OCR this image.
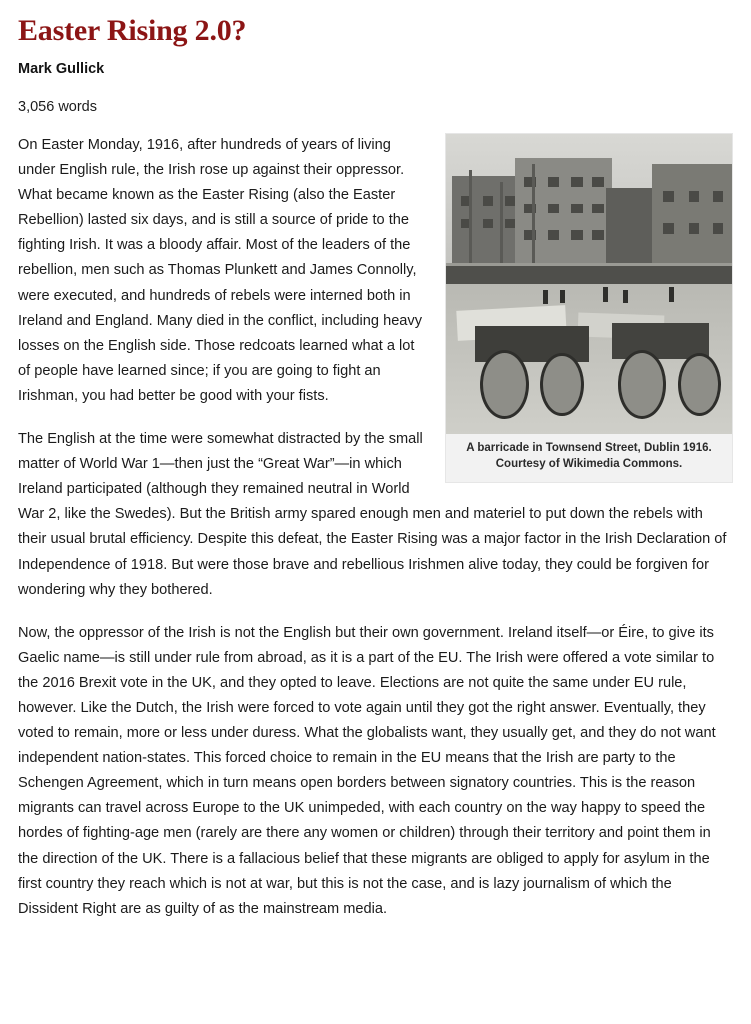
Easter Rising 2.0?
Mark Gullick
3,056 words
A barricade in Townsend Street, Dublin 1916. Courtesy of Wikimedia Commons.

On Easter Monday, 1916, after hundreds of years of living under English rule, the Irish rose up against their oppressor. What became known as the Easter Rising (also the Easter Rebellion) lasted six days, and is still a source of pride to the fighting Irish. It was a bloody affair. Most of the leaders of the rebellion, men such as Thomas Plunkett and James Connolly, were executed, and hundreds of rebels were interned both in Ireland and England. Many died in the conflict, including heavy losses on the English side. Those redcoats learned what a lot of people have learned since; if you are going to fight an Irishman, you had better be good with your fists.

The English at the time were somewhat distracted by the small matter of World War 1—then just the “Great War”—in which Ireland participated (although they remained neutral in World War 2, like the Swedes). But the British army spared enough men and materiel to put down the rebels with their usual brutal efficiency. Despite this defeat, the Easter Rising was a major factor in the Irish Declaration of Independence of 1918. But were those brave and rebellious Irishmen alive today, they could be forgiven for wondering why they bothered.

Now, the oppressor of the Irish is not the English but their own government. Ireland itself—or Éire, to give its Gaelic name—is still under rule from abroad, as it is a part of the EU. The Irish were offered a vote similar to the 2016 Brexit vote in the UK, and they opted to leave. Elections are not quite the same under EU rule, however. Like the Dutch, the Irish were forced to vote again until they got the right answer. Eventually, they voted to remain, more or less under duress. What the globalists want, they usually get, and they do not want independent nation-states. This forced choice to remain in the EU means that the Irish are party to the Schengen Agreement, which in turn means open borders between signatory countries. This is the reason migrants can travel across Europe to the UK unimpeded, with each country on the way happy to speed the hordes of fighting-age men (rarely are there any women or children) through their territory and point them in the direction of the UK. There is a fallacious belief that these migrants are obliged to apply for asylum in the first country they reach which is not at war, but this is not the case, and is lazy journalism of which the Dissident Right are as guilty of as the mainstream media.
